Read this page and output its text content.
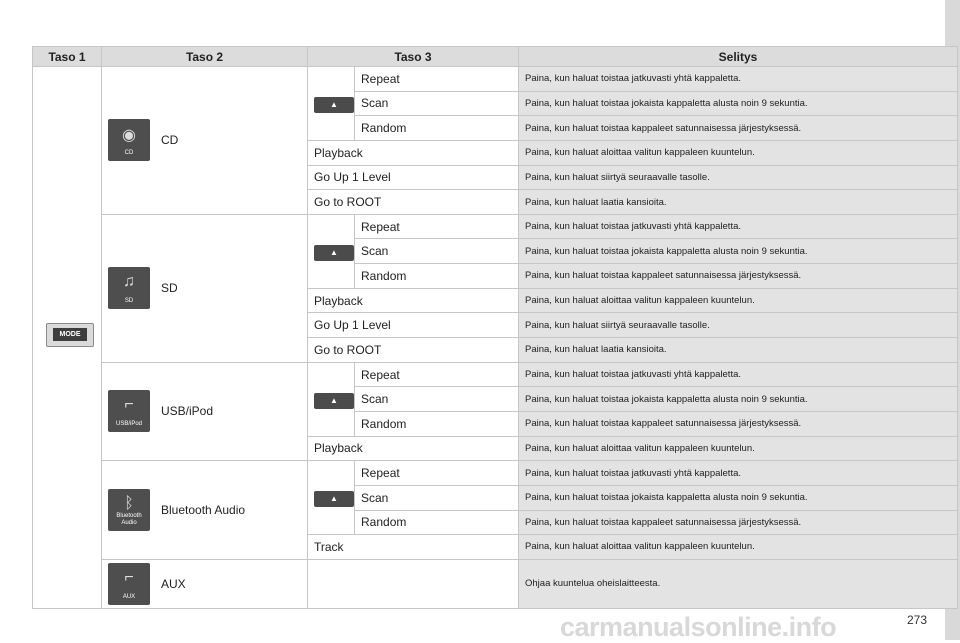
Taso 1	Taso 2	Taso 3		Selitys

MODE	◉
CD
CD	▲	Repeat	Paina, kun haluat toistaa jatkuvasti yhtä kappaletta.
			Scan	Paina, kun haluat toistaa jokaista kappaletta alusta noin 9 sekuntia.
			Random	Paina, kun haluat toistaa kappaleet satunnaisessa järjestyksessä.
		Playback		Paina, kun haluat aloittaa valitun kappaleen kuuntelun.
		Go Up 1 Level		Paina, kun haluat siirtyä seuraavalle tasolle.
		Go to ROOT		Paina, kun haluat laatia kansioita.

	♫
SD
SD	▲	Repeat	Paina, kun haluat toistaa jatkuvasti yhtä kappaletta.
			Scan	Paina, kun haluat toistaa jokaista kappaletta alusta noin 9 sekuntia.
			Random	Paina, kun haluat toistaa kappaleet satunnaisessa järjestyksessä.
		Playback		Paina, kun haluat aloittaa valitun kappaleen kuuntelun.
		Go Up 1 Level		Paina, kun haluat siirtyä seuraavalle tasolle.
		Go to ROOT		Paina, kun haluat laatia kansioita.

	⌐
USB/iPod
USB/iPod	▲	Repeat	Paina, kun haluat toistaa jatkuvasti yhtä kappaletta.
			Scan	Paina, kun haluat toistaa jokaista kappaletta alusta noin 9 sekuntia.
			Random	Paina, kun haluat toistaa kappaleet satunnaisessa järjestyksessä.
		Playback		Paina, kun haluat aloittaa valitun kappaleen kuuntelun.

	ᛒ
Bluetooth Audio
Bluetooth Audio	▲	Repeat	Paina, kun haluat toistaa jatkuvasti yhtä kappaletta.
			Scan	Paina, kun haluat toistaa jokaista kappaletta alusta noin 9 sekuntia.
			Random	Paina, kun haluat toistaa kappaleet satunnaisessa järjestyksessä.
		Track		Paina, kun haluat aloittaa valitun kappaleen kuuntelun.

	⌐
AUX
AUX			Ohjaa kuuntelua oheislaitteesta.
carmanualsonline.info	273
